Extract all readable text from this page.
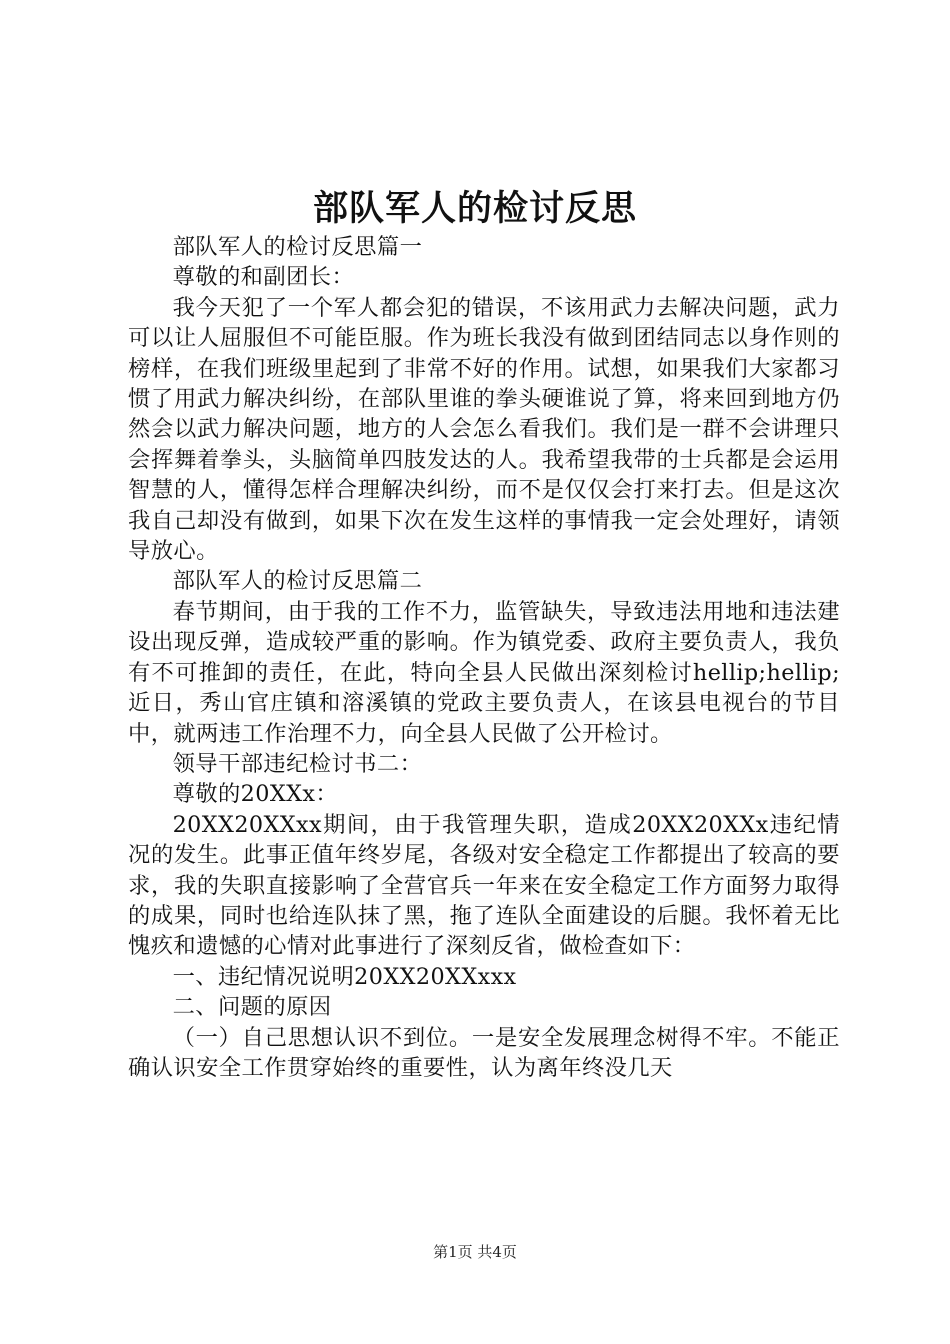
部队军人的检讨反思

部队军人的检讨反思篇一

尊敬的和副团长：

我今天犯了一个军人都会犯的错误，不该用武力去解决问题，武力可以让人屈服但不可能臣服。作为班长我没有做到团结同志以身作则的榜样，在我们班级里起到了非常不好的作用。试想，如果我们大家都习惯了用武力解决纠纷，在部队里谁的拳头硬谁说了算，将来回到地方仍然会以武力解决问题，地方的人会怎么看我们。我们是一群不会讲理只会挥舞着拳头，头脑简单四肢发达的人。我希望我带的士兵都是会运用智慧的人，懂得怎样合理解决纠纷，而不是仅仅会打来打去。但是这次我自己却没有做到，如果下次在发生这样的事情我一定会处理好，请领导放心。

部队军人的检讨反思篇二

春节期间，由于我的工作不力，监管缺失，导致违法用地和违法建设出现反弹，造成较严重的影响。作为镇党委、政府主要负责人，我负有不可推卸的责任，在此，特向全县人民做出深刻检讨hellip;hellip;近日，秀山官庄镇和溶溪镇的党政主要负责人，在该县电视台的节目中，就两违工作治理不力，向全县人民做了公开检讨。

领导干部违纪检讨书二：

尊敬的20XXx：

20XX20XXxx期间，由于我管理失职，造成20XX20XXx违纪情况的发生。此事正值年终岁尾，各级对安全稳定工作都提出了较高的要求，我的失职直接影响了全营官兵一年来在安全稳定工作方面努力取得的成果，同时也给连队抹了黑，拖了连队全面建设的后腿。我怀着无比愧疚和遗憾的心情对此事进行了深刻反省，做检查如下：

一、违纪情况说明20XX20XXxxx

二、问题的原因

（一）自己思想认识不到位。一是安全发展理念树得不牢。不能正确认识安全工作贯穿始终的重要性，认为离年终没几天

第1页 共4页
